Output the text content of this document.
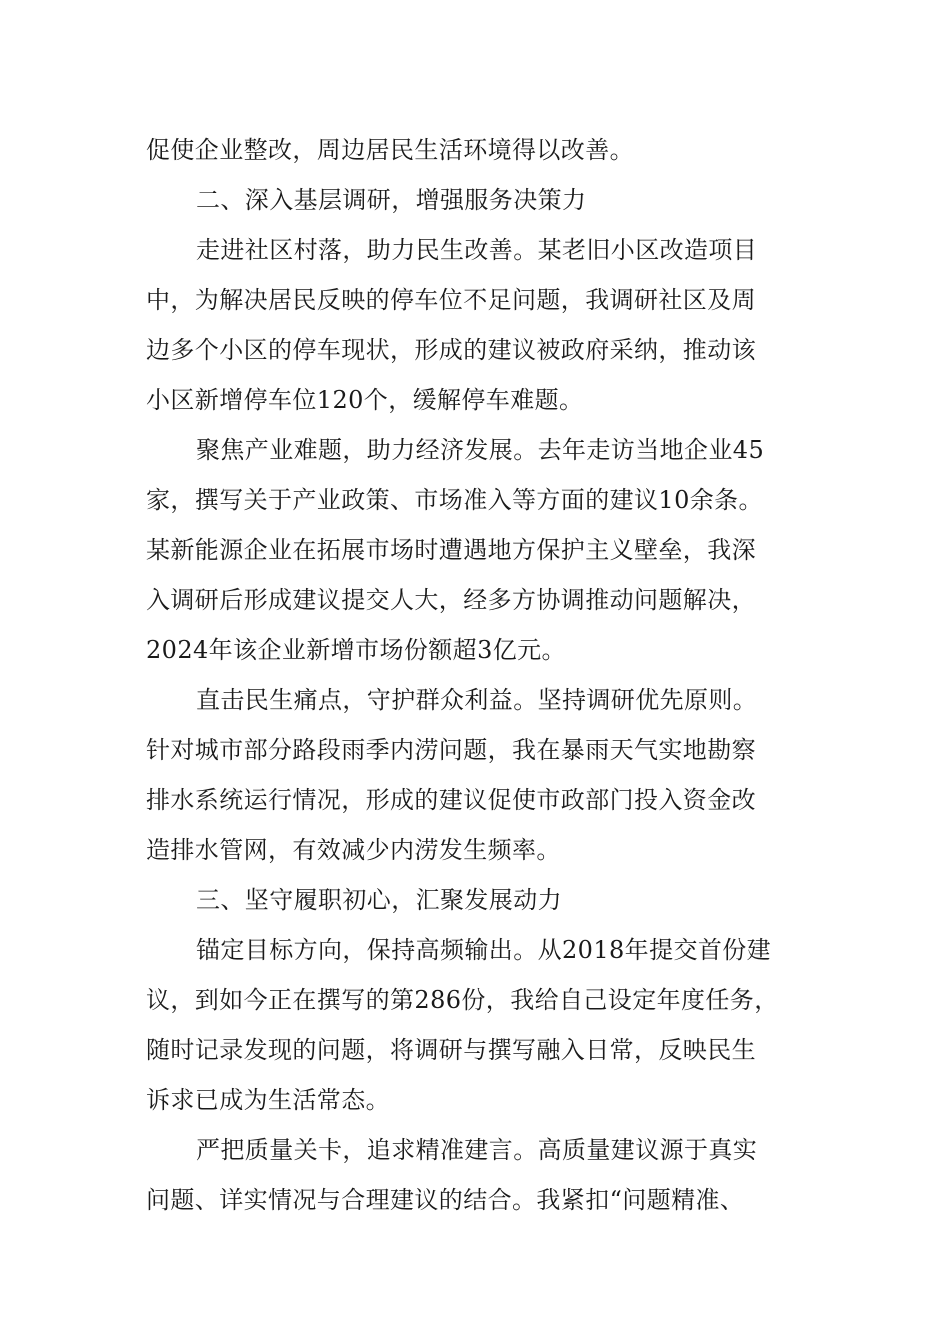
促使企业整改，周边居民生活环境得以改善。
二、深入基层调研，增强服务决策力
走进社区村落，助力民生改善。某老旧小区改造项目
中，为解决居民反映的停车位不足问题，我调研社区及周
边多个小区的停车现状，形成的建议被政府采纳，推动该
小区新增停车位120个，缓解停车难题。
聚焦产业难题，助力经济发展。去年走访当地企业45
家，撰写关于产业政策、市场准入等方面的建议10余条。
某新能源企业在拓展市场时遭遇地方保护主义壁垒，我深
入调研后形成建议提交人大，经多方协调推动问题解决，
2024年该企业新增市场份额超3亿元。
直击民生痛点，守护群众利益。坚持调研优先原则。
针对城市部分路段雨季内涝问题，我在暴雨天气实地勘察
排水系统运行情况，形成的建议促使市政部门投入资金改
造排水管网，有效减少内涝发生频率。
三、坚守履职初心，汇聚发展动力
锚定目标方向，保持高频输出。从2018年提交首份建
议，到如今正在撰写的第286份，我给自己设定年度任务，
随时记录发现的问题，将调研与撰写融入日常，反映民生
诉求已成为生活常态。
严把质量关卡，追求精准建言。高质量建议源于真实
问题、详实情况与合理建议的结合。我紧扣“问题精准、
